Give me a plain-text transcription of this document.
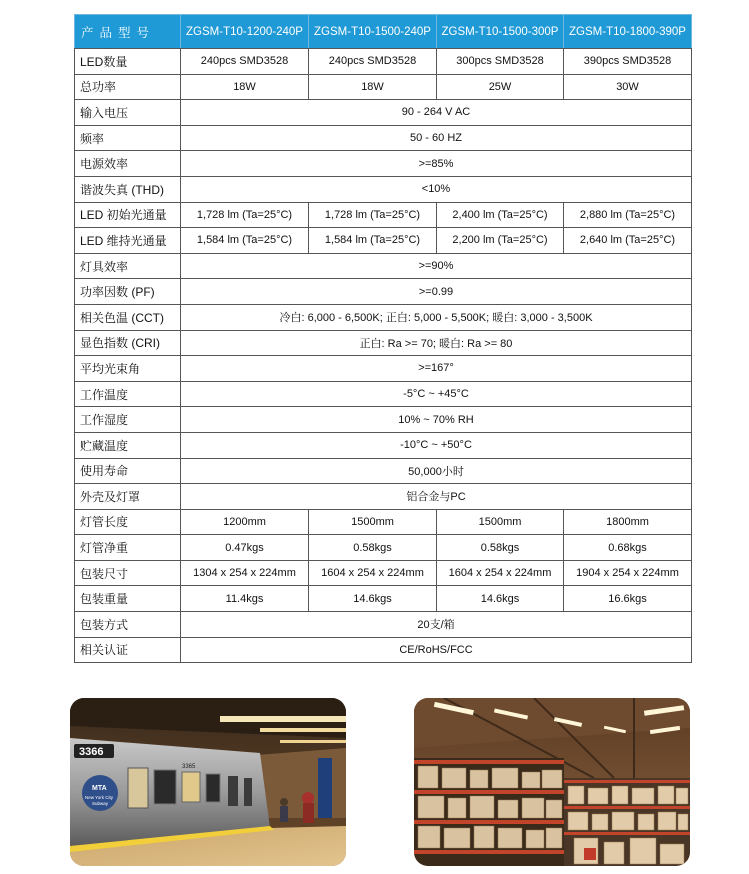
产品型号	ZGSM-T10-1200-240P	ZGSM-T10-1500-240P	ZGSM-T10-1500-300P	ZGSM-T10-1800-390P
LED数量	240pcs SMD3528	240pcs SMD3528	300pcs SMD3528	390pcs SMD3528
总功率	18W	18W	25W	30W
输入电压	90 - 264 V AC			
频率	50 - 60 HZ			
电源效率	>=85%			
谐波失真 (THD)	<10%			
LED 初始光通量	1,728 lm (Ta=25°C)	1,728 lm (Ta=25°C)	2,400 lm (Ta=25°C)	2,880 lm (Ta=25°C)
LED 维持光通量	1,584 lm (Ta=25°C)	1,584 lm (Ta=25°C)	2,200 lm (Ta=25°C)	2,640 lm (Ta=25°C)
灯具效率	>=90%			
功率因数 (PF)	>=0.99			
相关色温 (CCT)	冷白: 6,000 - 6,500K; 正白: 5,000 - 5,500K; 暖白: 3,000 - 3,500K			
显色指数 (CRI)	正白: Ra >= 70; 暖白: Ra >= 80			
平均光束角	>=167°			
工作温度	-5°C ~ +45°C			
工作湿度	10% ~ 70% RH			
贮藏温度	-10°C ~ +50°C			
使用寿命	50,000小时			
外壳及灯罩	铝合金与PC			
灯管长度	1200mm	1500mm	1500mm	1800mm
灯管净重	0.47kgs	0.58kgs	0.58kgs	0.68kgs
包装尺寸	1304 x 254 x 224mm	1604 x 254 x 224mm	1604 x 254 x 224mm	1904 x 254 x 224mm
包装重量	11.4kgs	14.6kgs	14.6kgs	16.6kgs
包装方式	20支/箱			
相关认证	CE/RoHS/FCC			
3366
MTA
New York City
Subway
3365
